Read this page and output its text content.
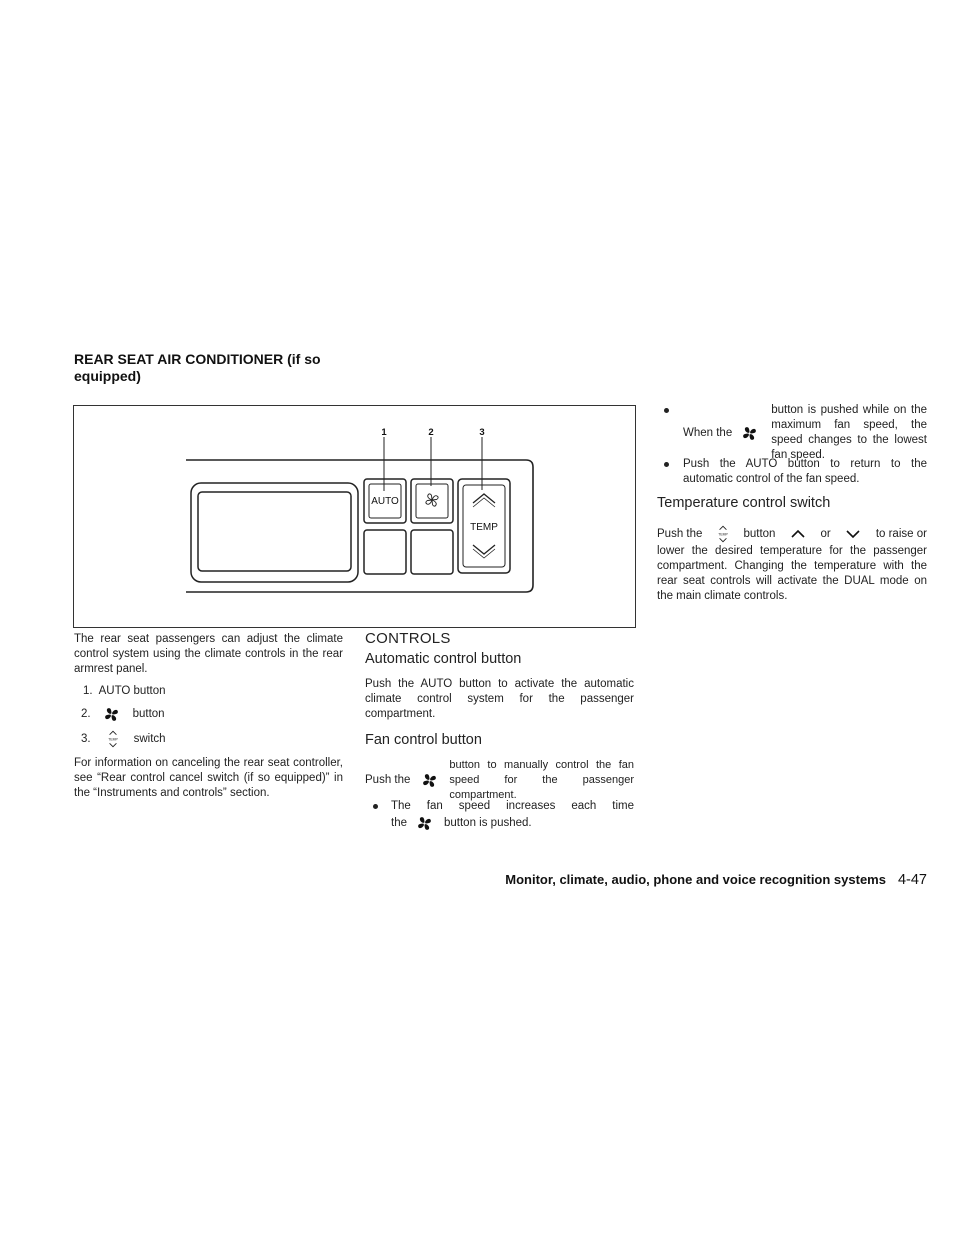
REAR SEAT AIR CONDITIONER (if so equipped)
AUTO
TEMP
1	2	3
The rear seat passengers can adjust the climate control system using the climate controls in the rear armrest panel.
1. AUTO button
2.	button
3.	switch
For information on canceling the rear seat controller, see “Rear control cancel switch (if so equipped)” in the “Instruments and controls” section.
CONTROLS
Automatic control button
Push the AUTO button to activate the automatic climate control system for the passenger compartment.
Fan control button
Push the
button to manually control the fan speed for the passenger compartment.
The fan speed increases each time
the	button is pushed.
When the
button is pushed while on the maximum fan speed, the speed changes to the lowest fan speed.
Push the AUTO button to return to the automatic control of the fan speed.
Temperature control switch
Push the	button	or	to raise or
lower the desired temperature for the passenger compartment. Changing the temperature with the rear seat controls will activate the DUAL mode on the main climate controls.
Monitor, climate, audio, phone and voice recognition systems 4-47
